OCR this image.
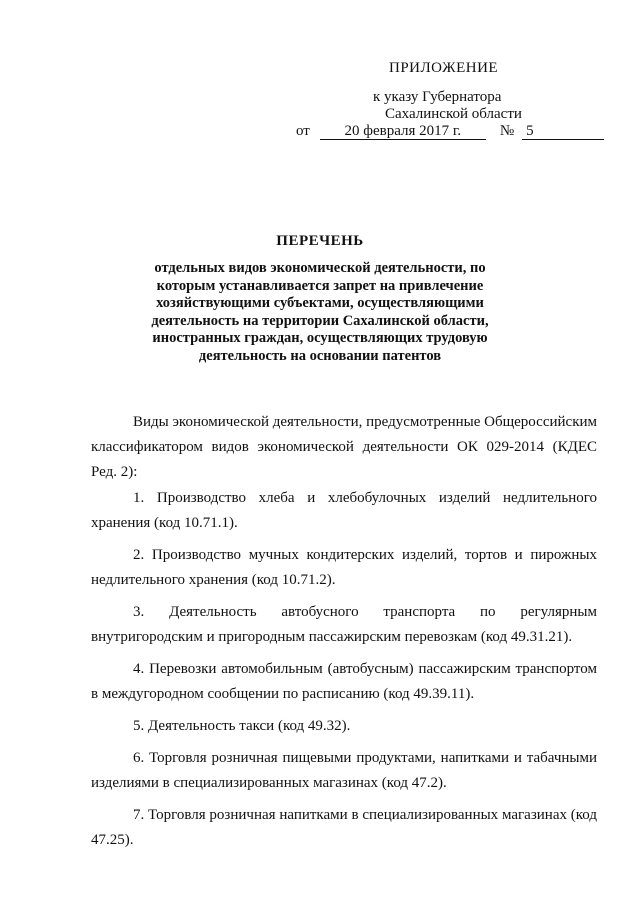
ПРИЛОЖЕНИЕ
к указу Губернатора
Сахалинской области
от	20 февраля 2017 г.	№ 5
ПЕРЕЧЕНЬ
отдельных видов экономической деятельности, по которым устанавливается запрет на привлечение хозяйствующими субъектами, осуществляющими деятельность на территории Сахалинской области, иностранных граждан, осуществляющих трудовую деятельность на основании патентов
Виды экономической деятельности, предусмотренные Общероссийским классификатором видов экономической деятельности ОК 029-2014 (КДЕС Ред. 2):
1. Производство хлеба и хлебобулочных изделий недлительного хранения (код 10.71.1).
2. Производство мучных кондитерских изделий, тортов и пирожных недлительного хранения (код 10.71.2).
3. Деятельность автобусного транспорта по регулярным внутригородским и пригородным пассажирским перевозкам (код 49.31.21).
4. Перевозки автомобильным (автобусным) пассажирским транспортом в междугородном сообщении по расписанию (код 49.39.11).
5. Деятельность такси (код 49.32).
6. Торговля розничная пищевыми продуктами, напитками и табачными изделиями в специализированных магазинах (код 47.2).
7. Торговля розничная напитками в специализированных магазинах (код 47.25).
